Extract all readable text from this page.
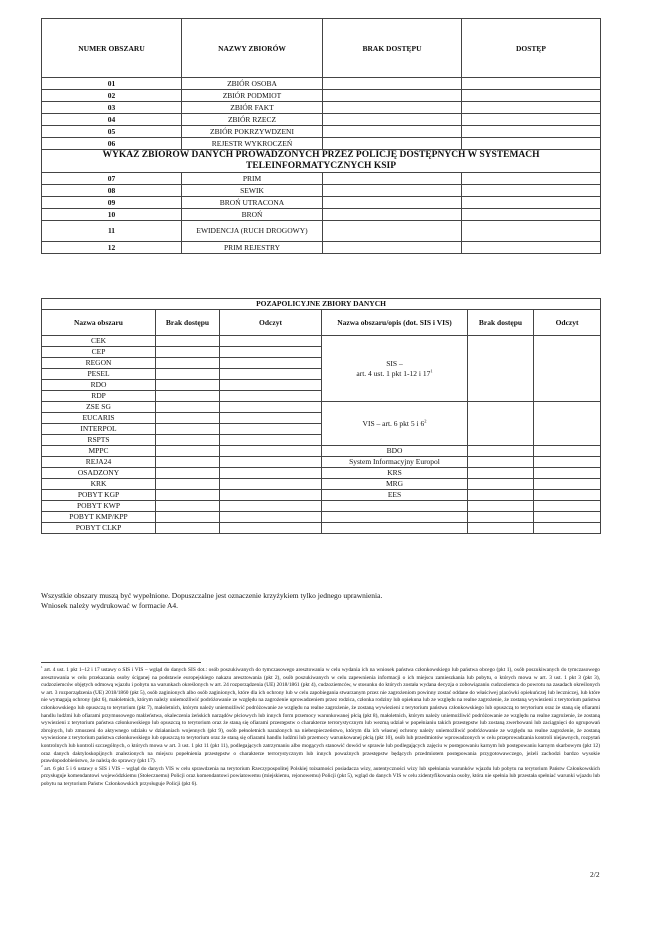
NUMER OBSZARU	NAZWY ZBIORÓW	BRAK DOSTĘPU	DOSTĘP
01	ZBIÓR OSOBA		
02	ZBIÓR PODMIOT		
03	ZBIÓR FAKT		
04	ZBIÓR RZECZ		
05	ZBIÓR POKRZYWDZENI		
06	REJESTR WYKROCZEŃ		
WYKAZ ZBIORÓW DANYCH PROWADZONYCH PRZEZ POLICJĘ DOSTĘPNYCH W SYSTEMACH TELEINFORMATYCZNYCH KSIP			
07	PRIM		
08	SEWIK		
09	BROŃ UTRACONA		
10	BROŃ		
11	EWIDENCJA (RUCH DROGOWY)		
12	PRIM REJESTRY		
POZAPOLICYJNE ZBIORY DANYCH					
Nazwa obszaru	Brak dostępu	Odczyt	Nazwa obszaru/opis (dot. SIS i VIS)	Brak dostępu	Odczyt
CEK			SIS –
art. 4 ust. 1 pkt 1-12 i $17^1$		
CEP					
REGON					
PESEL					
RDO					
RDP					
ZSE SG			VIS – art. 6 pkt 5 i $6^2$		
EUCARIS					
INTERPOL					
RSPTS					
MPPC			BDO		
REJA24			System Informacyjny Europol		
OSADZONY			KRS		
KRK			MRG		
POBYT KGP			EES		
POBYT KWP					
POBYT KMP/KPP					
POBYT CLKP					

Wszystkie obszary muszą być wypełnione. Dopuszczalne jest oznaczenie krzyżykiem tylko jednego uprawnienia.

Wniosek należy wydrukować w formacie A4.

$^1$ art. 4 ust. 1 pkt 1–12 i 17 ustawy o SIS i VIS – wgląd do danych SIS dot.: osób poszukiwanych do tymczasowego aresztowania w celu wydania ich na wniosek państwa członkowskiego lub państwa obcego (pkt 1), osób poszukiwanych do tymczasowego aresztowania w celu przekazania osoby ściganej na podstawie europejskiego nakazu aresztowania (pkt 2), osób poszukiwanych w celu zapewnienia informacji o ich miejscu zamieszkania lub pobytu, o których mowa w art. 3 ust. 1 pkt 3 (pkt 3), cudzoziemców objętych odmową wjazdu i pobytu na warunkach określonych w art. 24 rozporządzenia (UE) 2018/1861 (pkt 4), cudzoziemców, w stosunku do których została wydana decyzja o zobowiązaniu cudzoziemca do powrotu na zasadach określonych w art. 3 rozporządzenia (UE) 2018/1860 (pkt 5), osób zaginionych albo osób zaginionych, które dla ich ochrony lub w celu zapobiegania stwarzanym przez nie zagrożeniom powinny zostać oddane do właściwej placówki opiekuńczej lub leczniczej, lub które nie wymagają ochrony (pkt 6), małoletnich, którym należy uniemożliwić podróżowanie ze względu na zagrożenie uprowadzeniem przez rodzica, członka rodziny lub opiekuna lub ze względu na realne zagrożenie, że zostaną wywiezieni z terytorium państwa członkowskiego lub opuszczą to terytorium (pkt 7), małoletnich, którym należy uniemożliwić podróżowanie ze względu na realne zagrożenie, że zostaną wywiezieni z terytorium państwa członkowskiego lub opuszczą to terytorium oraz że staną się ofiarami handlu ludźmi lub ofiarami przymusowego małżeństwa, okaleczenia żeńskich narządów płciowych lub innych form przemocy warunkowanej płcią (pkt 8), małoletnich, którym należy uniemożliwić podróżowanie ze względu na realne zagrożenie, że zostaną wywiezieni z terytorium państwa członkowskiego lub opuszczą to terytorium oraz że staną się ofiarami przestępstw o charakterze terrorystycznym lub wezmą udział w popełnianiu takich przestępstw lub zostaną zwerbowani lub zaciągnięci do ugrupowań zbrojnych, lub zmuszeni do aktywnego udziału w działaniach wojennych (pkt 9), osób pełnoletnich narażonych na niebezpieczeństwo, którym dla ich własnej ochrony należy uniemożliwić podróżowanie ze względu na realne zagrożenie, że zostaną wywiezione z terytorium państwa członkowskiego lub opuszczą to terytorium oraz że staną się ofiarami handlu ludźmi lub przemocy warunkowanej płcią (pkt 10), osób lub przedmiotów wprowadzonych w celu przeprowadzania kontroli niejawnych, rozpytań kontrolnych lub kontroli szczególnych, o których mowa w art. 3 ust. 1 pkt 11 (pkt 11), podlegających zatrzymaniu albo mogących stanowić dowód w sprawie lub podlegających zajęciu w postępowaniu karnym lub postępowaniu karnym skarbowym (pkt 12) oraz danych daktyloskopijnych znalezionych na miejscu popełnienia przestępstw o charakterze terrorystycznym lub innych poważnych przestępstw będących przedmiotem postępowania przygotowawczego, jeżeli zachodzi bardzo wysokie prawdopodobieństwo, że należą do sprawcy (pkt 17).

$^2$ art. 6 pkt 5 i 6 ustawy o SIS i VIS – wgląd do danych VIS w celu sprawdzenia na terytorium Rzeczypospolitej Polskiej tożsamości posiadacza wizy, autentyczności wizy lub spełniania warunków wjazdu lub pobytu na terytorium Państw Członkowskich przysługuje komendantowi wojewódzkiemu (Stołecznemu) Policji oraz komendantowi powiatowemu (miejskiemu, rejonowemu) Policji (pkt 5), wgląd do danych VIS w celu zidentyfikowania osoby, która nie spełnia lub przestała spełniać warunki wjazdu lub pobytu na terytorium Państw Członkowskich przysługuje Policji (pkt 6).

2/2
